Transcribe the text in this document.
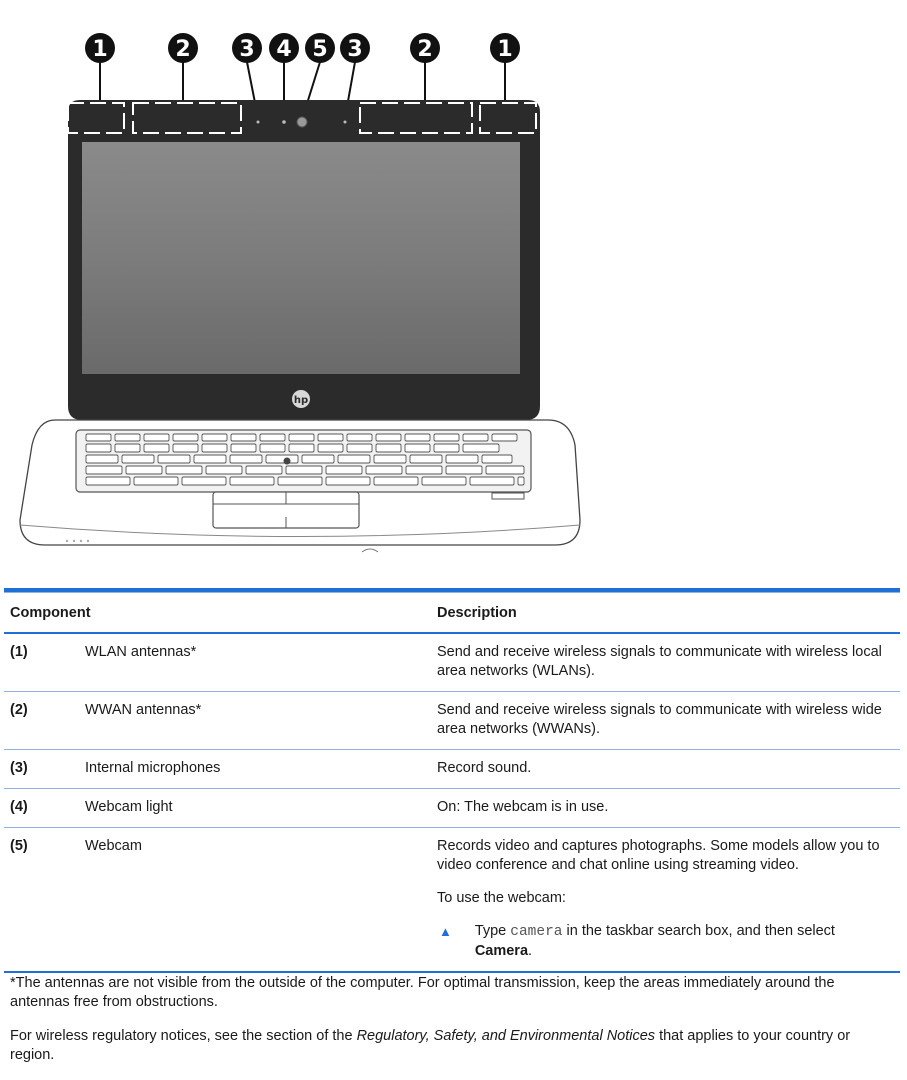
1	2 3 4 5 3 2	1
hp

Component		Description
(1)	WLAN antennas*	Send and receive wireless signals to communicate with wireless local area networks (WLANs).
(2)	WWAN antennas*	Send and receive wireless signals to communicate with wireless wide area networks (WWANs).
(3)	Internal microphones	Record sound.
(4)	Webcam light	On: The webcam is in use.
(5)	Webcam	Records video and captures photographs. Some models allow you to video conference and chat online using streaming video.

To use the webcam:

▲ Type camera in the taskbar search box, and then select Camera.

*The antennas are not visible from the outside of the computer. For optimal transmission, keep the areas immediately around the antennas free from obstructions.

For wireless regulatory notices, see the section of the Regulatory, Safety, and Environmental Notices that applies to your country or region.
